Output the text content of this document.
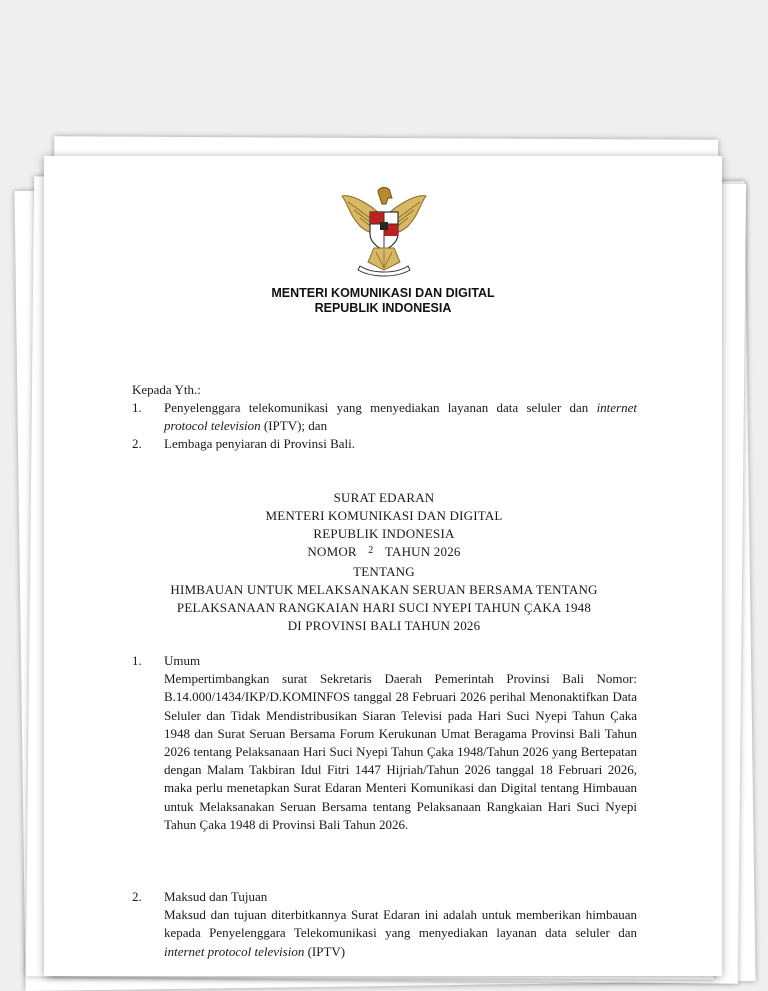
MENTERI KOMUNIKASI DAN DIGITAL
REPUBLIK INDONESIA
Kepada Yth.:
1.	Penyelenggara telekomunikasi yang menyediakan layanan data seluler dan internet protocol television (IPTV); dan
2.	Lembaga penyiaran di Provinsi Bali.
SURAT EDARAN
MENTERI KOMUNIKASI DAN DIGITAL
REPUBLIK INDONESIA
NOMOR $^2$ TAHUN 2026
TENTANG
HIMBAUAN UNTUK MELAKSANAKAN SERUAN BERSAMA TENTANG
PELAKSANAAN RANGKAIAN HARI SUCI NYEPI TAHUN ÇAKA 1948
DI PROVINSI BALI TAHUN 2026
1.	Umum
Mempertimbangkan surat Sekretaris Daerah Pemerintah Provinsi Bali Nomor: B.14.000/1434/IKP/D.KOMINFOS tanggal 28 Februari 2026 perihal Menonaktifkan Data Seluler dan Tidak Mendistribusikan Siaran Televisi pada Hari Suci Nyepi Tahun Çaka 1948 dan Surat Seruan Bersama Forum Kerukunan Umat Beragama Provinsi Bali Tahun 2026 tentang Pelaksanaan Hari Suci Nyepi Tahun Çaka 1948/Tahun 2026 yang Bertepatan dengan Malam Takbiran Idul Fitri 1447 Hijriah/Tahun 2026 tanggal 18 Februari 2026, maka perlu menetapkan Surat Edaran Menteri Komunikasi dan Digital tentang Himbauan untuk Melaksanakan Seruan Bersama tentang Pelaksanaan Rangkaian Hari Suci Nyepi Tahun Çaka 1948 di Provinsi Bali Tahun 2026.
2.	Maksud dan Tujuan
Maksud dan tujuan diterbitkannya Surat Edaran ini adalah untuk memberikan himbauan kepada Penyelenggara Telekomunikasi yang menyediakan layanan data seluler dan internet protocol television (IPTV)
